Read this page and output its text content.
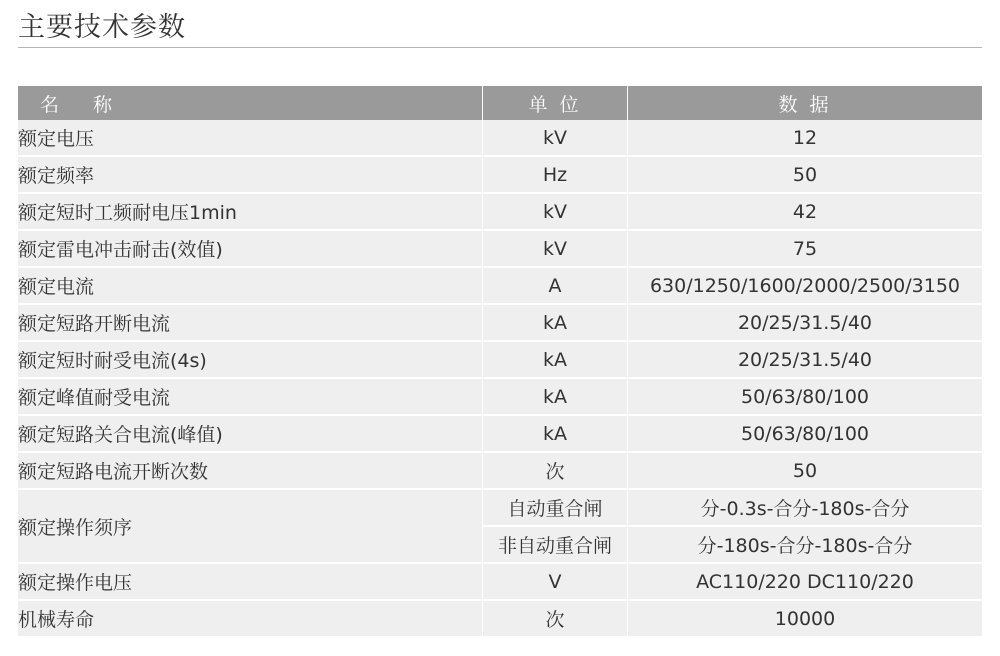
主要技术参数
名 称	单 位	数 据
额定电压	kV	12
额定频率	Hz	50
额定短时工频耐电压1min	kV	42
额定雷电冲击耐击(效值)	kV	75
额定电流	A	630/1250/1600/2000/2500/3150
额定短路开断电流	kA	20/25/31.5/40
额定短时耐受电流(4s)	kA	20/25/31.5/40
额定峰值耐受电流	kA	50/63/80/100
额定短路关合电流(峰值)	kA	50/63/80/100
额定短路电流开断次数	次	50
额定操作须序	自动重合闸	分-0.3s-合分-180s-合分
	非自动重合闸	分-180s-合分-180s-合分
额定操作电压	V	AC110/220 DC110/220
机械寿命	次	10000
